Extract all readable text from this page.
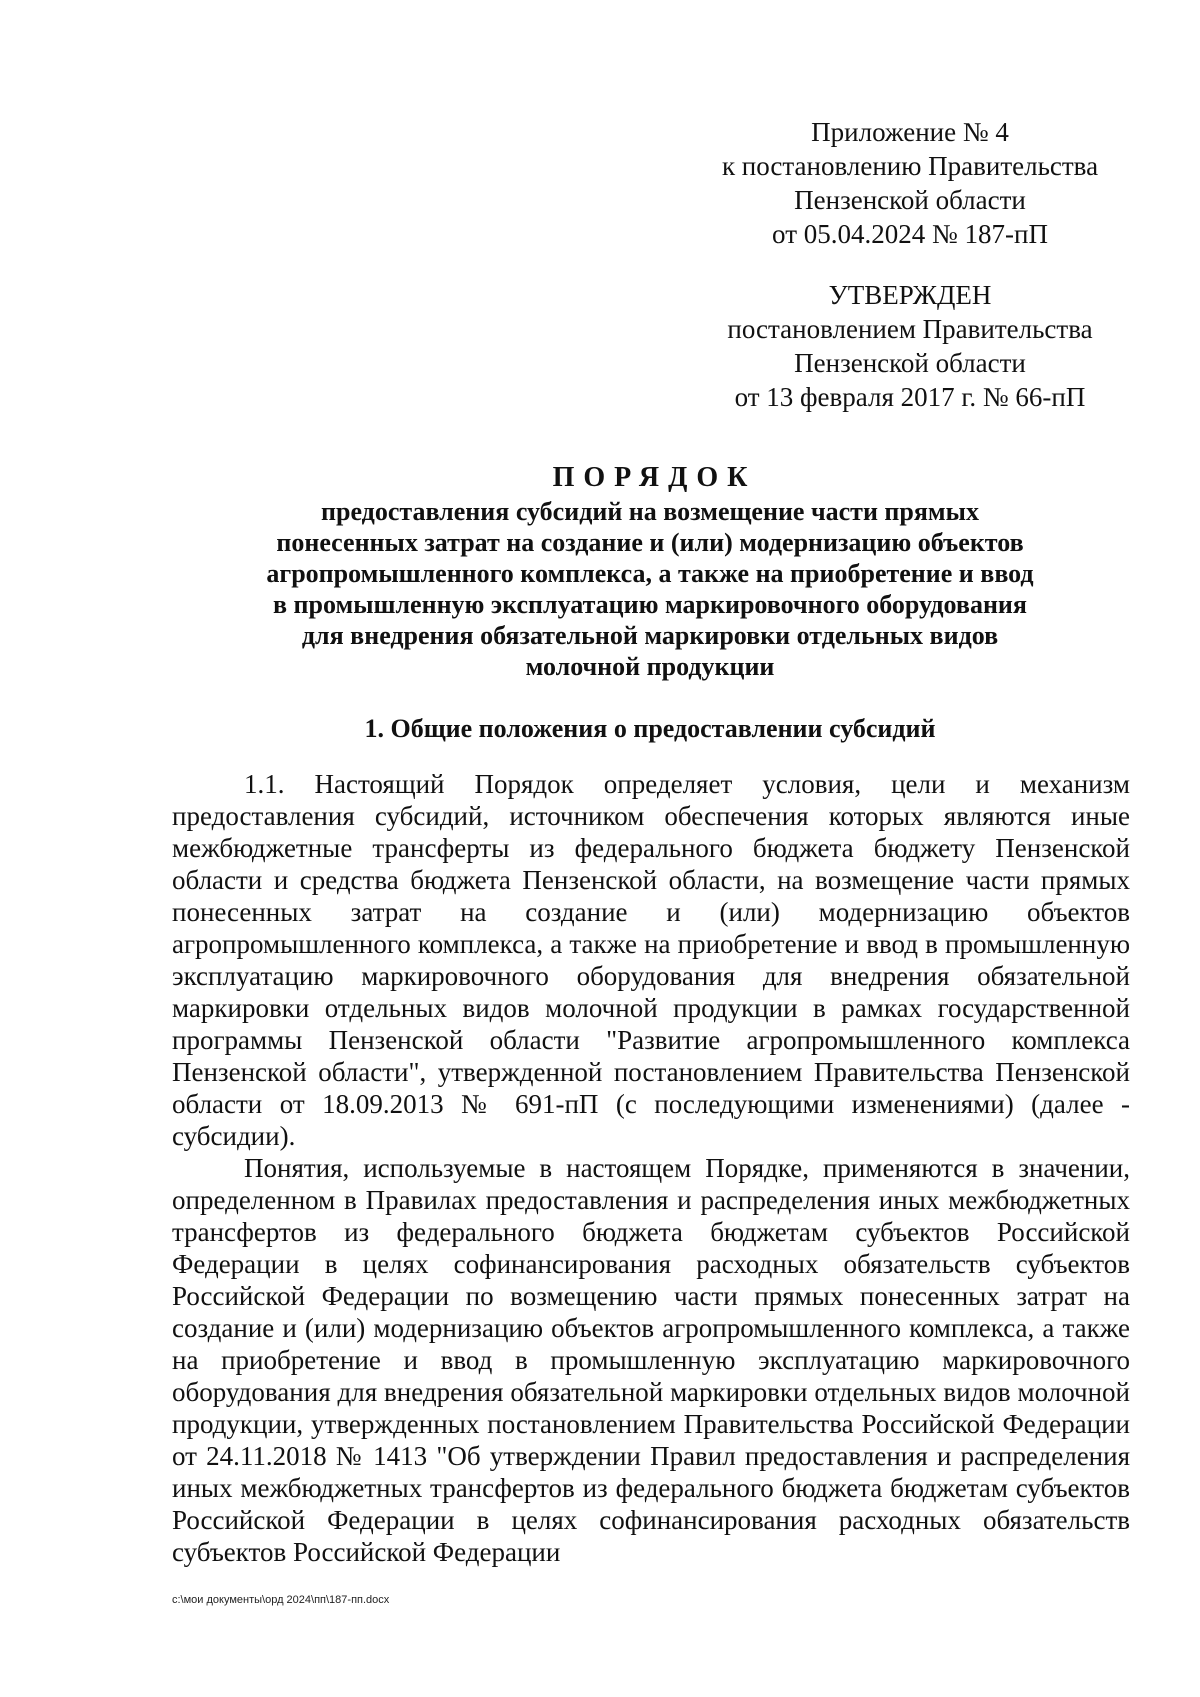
Приложение № 4
к постановлению Правительства
Пензенской области
от 05.04.2024 № 187-пП
УТВЕРЖДЕН
постановлением Правительства
Пензенской области
от 13 февраля 2017 г. № 66-пП
ПОРЯДОК
предоставления субсидий на возмещение части прямых
понесенных затрат на создание и (или) модернизацию объектов
агропромышленного комплекса, а также на приобретение и ввод
в промышленную эксплуатацию маркировочного оборудования
для внедрения обязательной маркировки отдельных видов
молочной продукции
1. Общие положения о предоставлении субсидий

1.1. Настоящий Порядок определяет условия, цели и механизм предоставления субсидий, источником обеспечения которых являются иные межбюджетные трансферты из федерального бюджета бюджету Пензенской области и средства бюджета Пензенской области, на возмещение части прямых понесенных затрат на создание и (или) модернизацию объектов агропромышленного комплекса, а также на приобретение и ввод в промышленную эксплуатацию маркировочного оборудования для внедрения обязательной маркировки отдельных видов молочной продукции в рамках государственной программы Пензенской области "Развитие агропромышленного комплекса Пензенской области", утвержденной постановлением Правительства Пензенской области от 18.09.2013 № 691-пП (с последующими изменениями) (далее - субсидии).

Понятия, используемые в настоящем Порядке, применяются в значении, определенном в Правилах предоставления и распределения иных межбюджетных трансфертов из федерального бюджета бюджетам субъектов Российской Федерации в целях софинансирования расходных обязательств субъектов Российской Федерации по возмещению части прямых понесенных затрат на создание и (или) модернизацию объектов агропромышленного комплекса, а также на приобретение и ввод в промышленную эксплуатацию маркировочного оборудования для внедрения обязательной маркировки отдельных видов молочной продукции, утвержденных постановлением Правительства Российской Федерации от 24.11.2018 № 1413 "Об утверждении Правил предоставления и распределения иных межбюджетных трансфертов из федерального бюджета бюджетам субъектов Российской Федерации в целях софинансирования расходных обязательств субъектов Российской Федерации

c:\мои документы\орд 2024\пп\187-пп.docx
